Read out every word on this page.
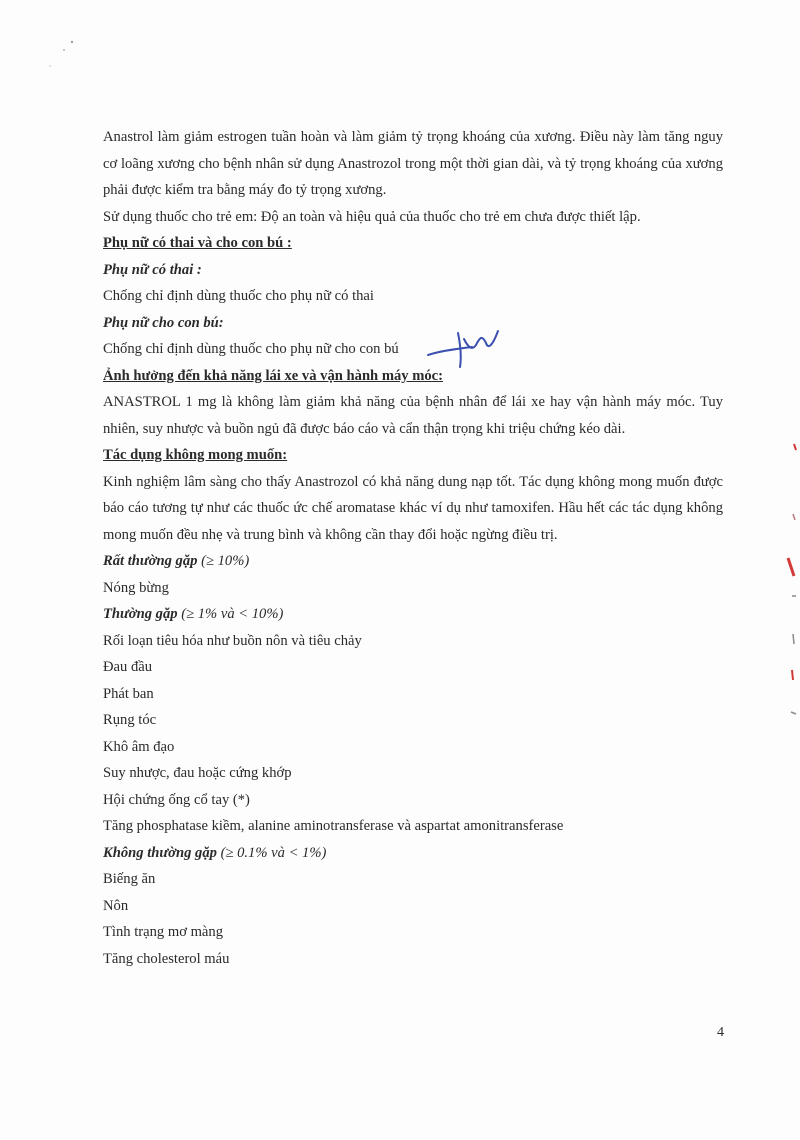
Anastrol làm giảm estrogen tuần hoàn và làm giảm tỷ trọng khoáng của xương. Điều này làm tăng nguy cơ loãng xương cho bệnh nhân sử dụng Anastrozol trong một thời gian dài, và tỷ trọng khoáng của xương phải được kiểm tra bằng máy đo tỷ trọng xương.

Sử dụng thuốc cho trẻ em: Độ an toàn và hiệu quả của thuốc cho trẻ em chưa được thiết lập.

Phụ nữ có thai và cho con bú :

Phụ nữ có thai :

Chống chỉ định dùng thuốc cho phụ nữ có thai

Phụ nữ cho con bú:

Chống chỉ định dùng thuốc cho phụ nữ cho con bú

Ảnh hưởng đến khả năng lái xe và vận hành máy móc:

ANASTROL 1 mg là không làm giảm khả năng của bệnh nhân để lái xe hay vận hành máy móc. Tuy nhiên, suy nhược và buồn ngủ đã được báo cáo và cẩn thận trọng khi triệu chứng kéo dài.

Tác dụng không mong muốn:

Kinh nghiệm lâm sàng cho thấy Anastrozol có khả năng dung nạp tốt. Tác dụng không mong muốn được báo cáo tương tự như các thuốc ức chế aromatase khác ví dụ như tamoxifen. Hầu hết các tác dụng không mong muốn đều nhẹ và trung bình và không cần thay đổi hoặc ngừng điều trị.

Rất thường gặp (≥ 10%)

Nóng bừng

Thường gặp (≥ 1% và < 10%)

Rối loạn tiêu hóa như buồn nôn và tiêu chảy

Đau đầu

Phát ban

Rụng tóc

Khô âm đạo

Suy nhược, đau hoặc cứng khớp

Hội chứng ống cổ tay (*)

Tăng phosphatase kiềm, alanine aminotransferase và aspartat amonitransferase

Không thường gặp (≥ 0.1% và < 1%)

Biếng ăn

Nôn

Tình trạng mơ màng

Tăng cholesterol máu

4
